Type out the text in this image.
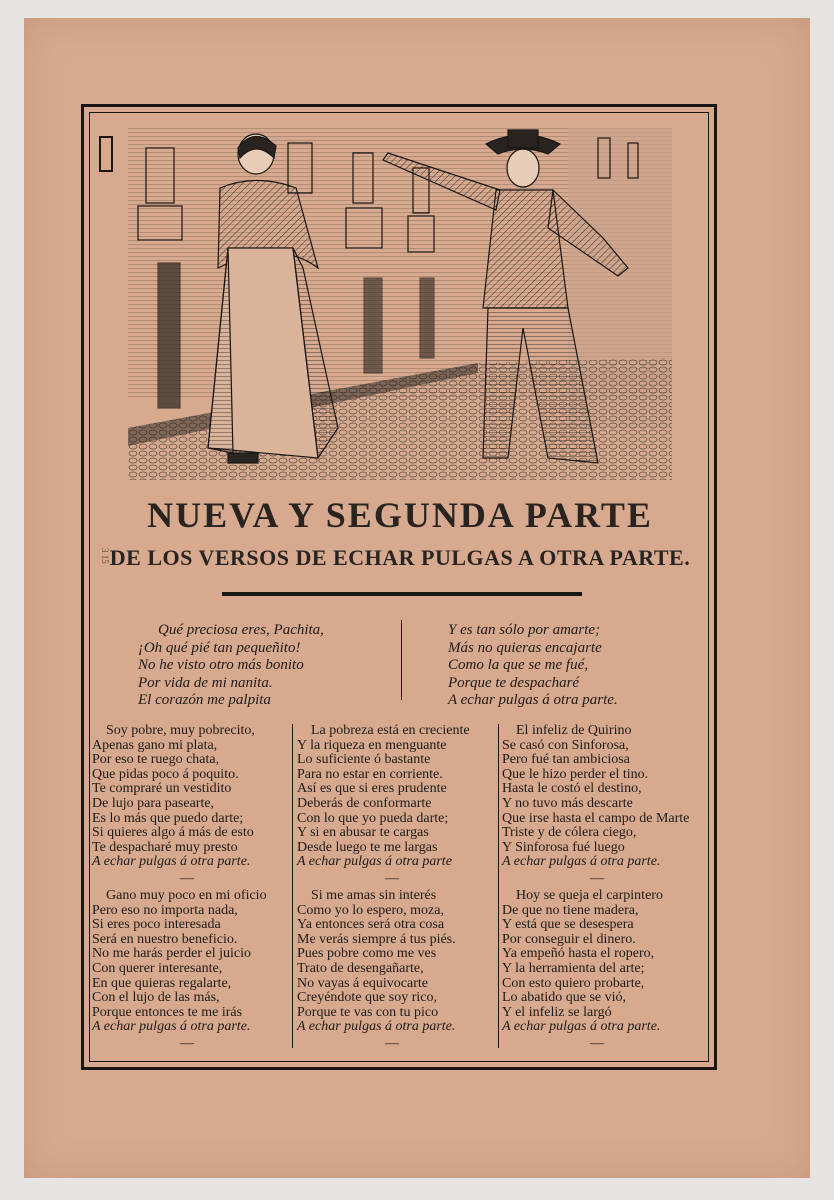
3 15
NUEVA Y SEGUNDA PARTE
DE LOS VERSOS DE ECHAR PULGAS A OTRA PARTE.
Qué preciosa eres, Pachita,
¡Oh qué pié tan pequeñito!
No he visto otro más bonito
Por vida de mi nanita.
El corazón me palpita
Y es tan sólo por amarte;
Más no quieras encajarte
Como la que se me fué,
Porque te despacharé
A echar pulgas á otra parte.
Soy pobre, muy pobrecito,
Apenas gano mi plata,
Por eso te ruego chata,
Que pidas poco á poquito.
Te compraré un vestidito
De lujo para pasearte,
Es lo más que puedo darte;
Si quieres algo á más de esto
Te despacharé muy presto
A echar pulgas á otra parte.
—
La pobreza está en creciente
Y la riqueza en menguante
Lo suficiente ó bastante
Para no estar en corriente.
Así es que si eres prudente
Deberás de conformarte
Con lo que yo pueda darte;
Y si en abusar te cargas
Desde luego te me largas
A echar pulgas á otra parte
—
El infeliz de Quirino
Se casó con Sinforosa,
Pero fué tan ambiciosa
Que le hizo perder el tino.
Hasta le costó el destino,
Y no tuvo más descarte
Que irse hasta el campo de Marte
Triste y de cólera ciego,
Y Sinforosa fué luego
A echar pulgas á otra parte.
—
Gano muy poco en mi oficio
Pero eso no importa nada,
Si eres poco interesada
Será en nuestro beneficio.
No me harás perder el juicio
Con querer interesante,
En que quieras regalarte,
Con el lujo de las más,
Porque entonces te me irás
A echar pulgas á otra parte.
—
Si me amas sin interés
Como yo lo espero, moza,
Ya entonces será otra cosa
Me verás siempre á tus piés.
Pues pobre como me ves
Trato de desengañarte,
No vayas á equivocarte
Creyéndote que soy rico,
Porque te vas con tu pico
A echar pulgas á otra parte.
—
Hoy se queja el carpintero
De que no tiene madera,
Y está que se desespera
Por conseguir el dinero.
Ya empeñó hasta el ropero,
Y la herramienta del arte;
Con esto quiero probarte,
Lo abatido que se vió,
Y el infeliz se largó
A echar pulgas á otra parte.
—
